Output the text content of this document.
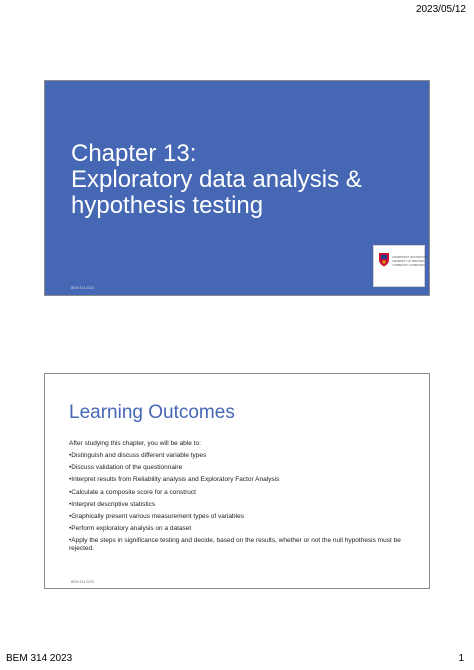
2023/05/12
Chapter 13:
Exploratory data analysis &
hypothesis testing
BEM 314 2023
UNIVERSITEIT VAN PRETORIA
UNIVERSITY OF PRETORIA
YUNIBESITHI YA PRETORIA
Learning Outcomes

After studying this chapter, you will be able to:

•Distinguish and discuss different variable types

•Discuss validation of the questionnaire

•Interpret results from Reliability analysis and Exploratory Factor Analysis

•Calculate a composite score for a construct

•Interpret descriptive statistics

•Graphically present various measurement types of variables

•Perform exploratory analysis on a dataset

•Apply the steps in significance testing and decide, based on the results, whether or not the null hypothesis must be rejected.

BEM 314 2023
BEM 314 2023	1
